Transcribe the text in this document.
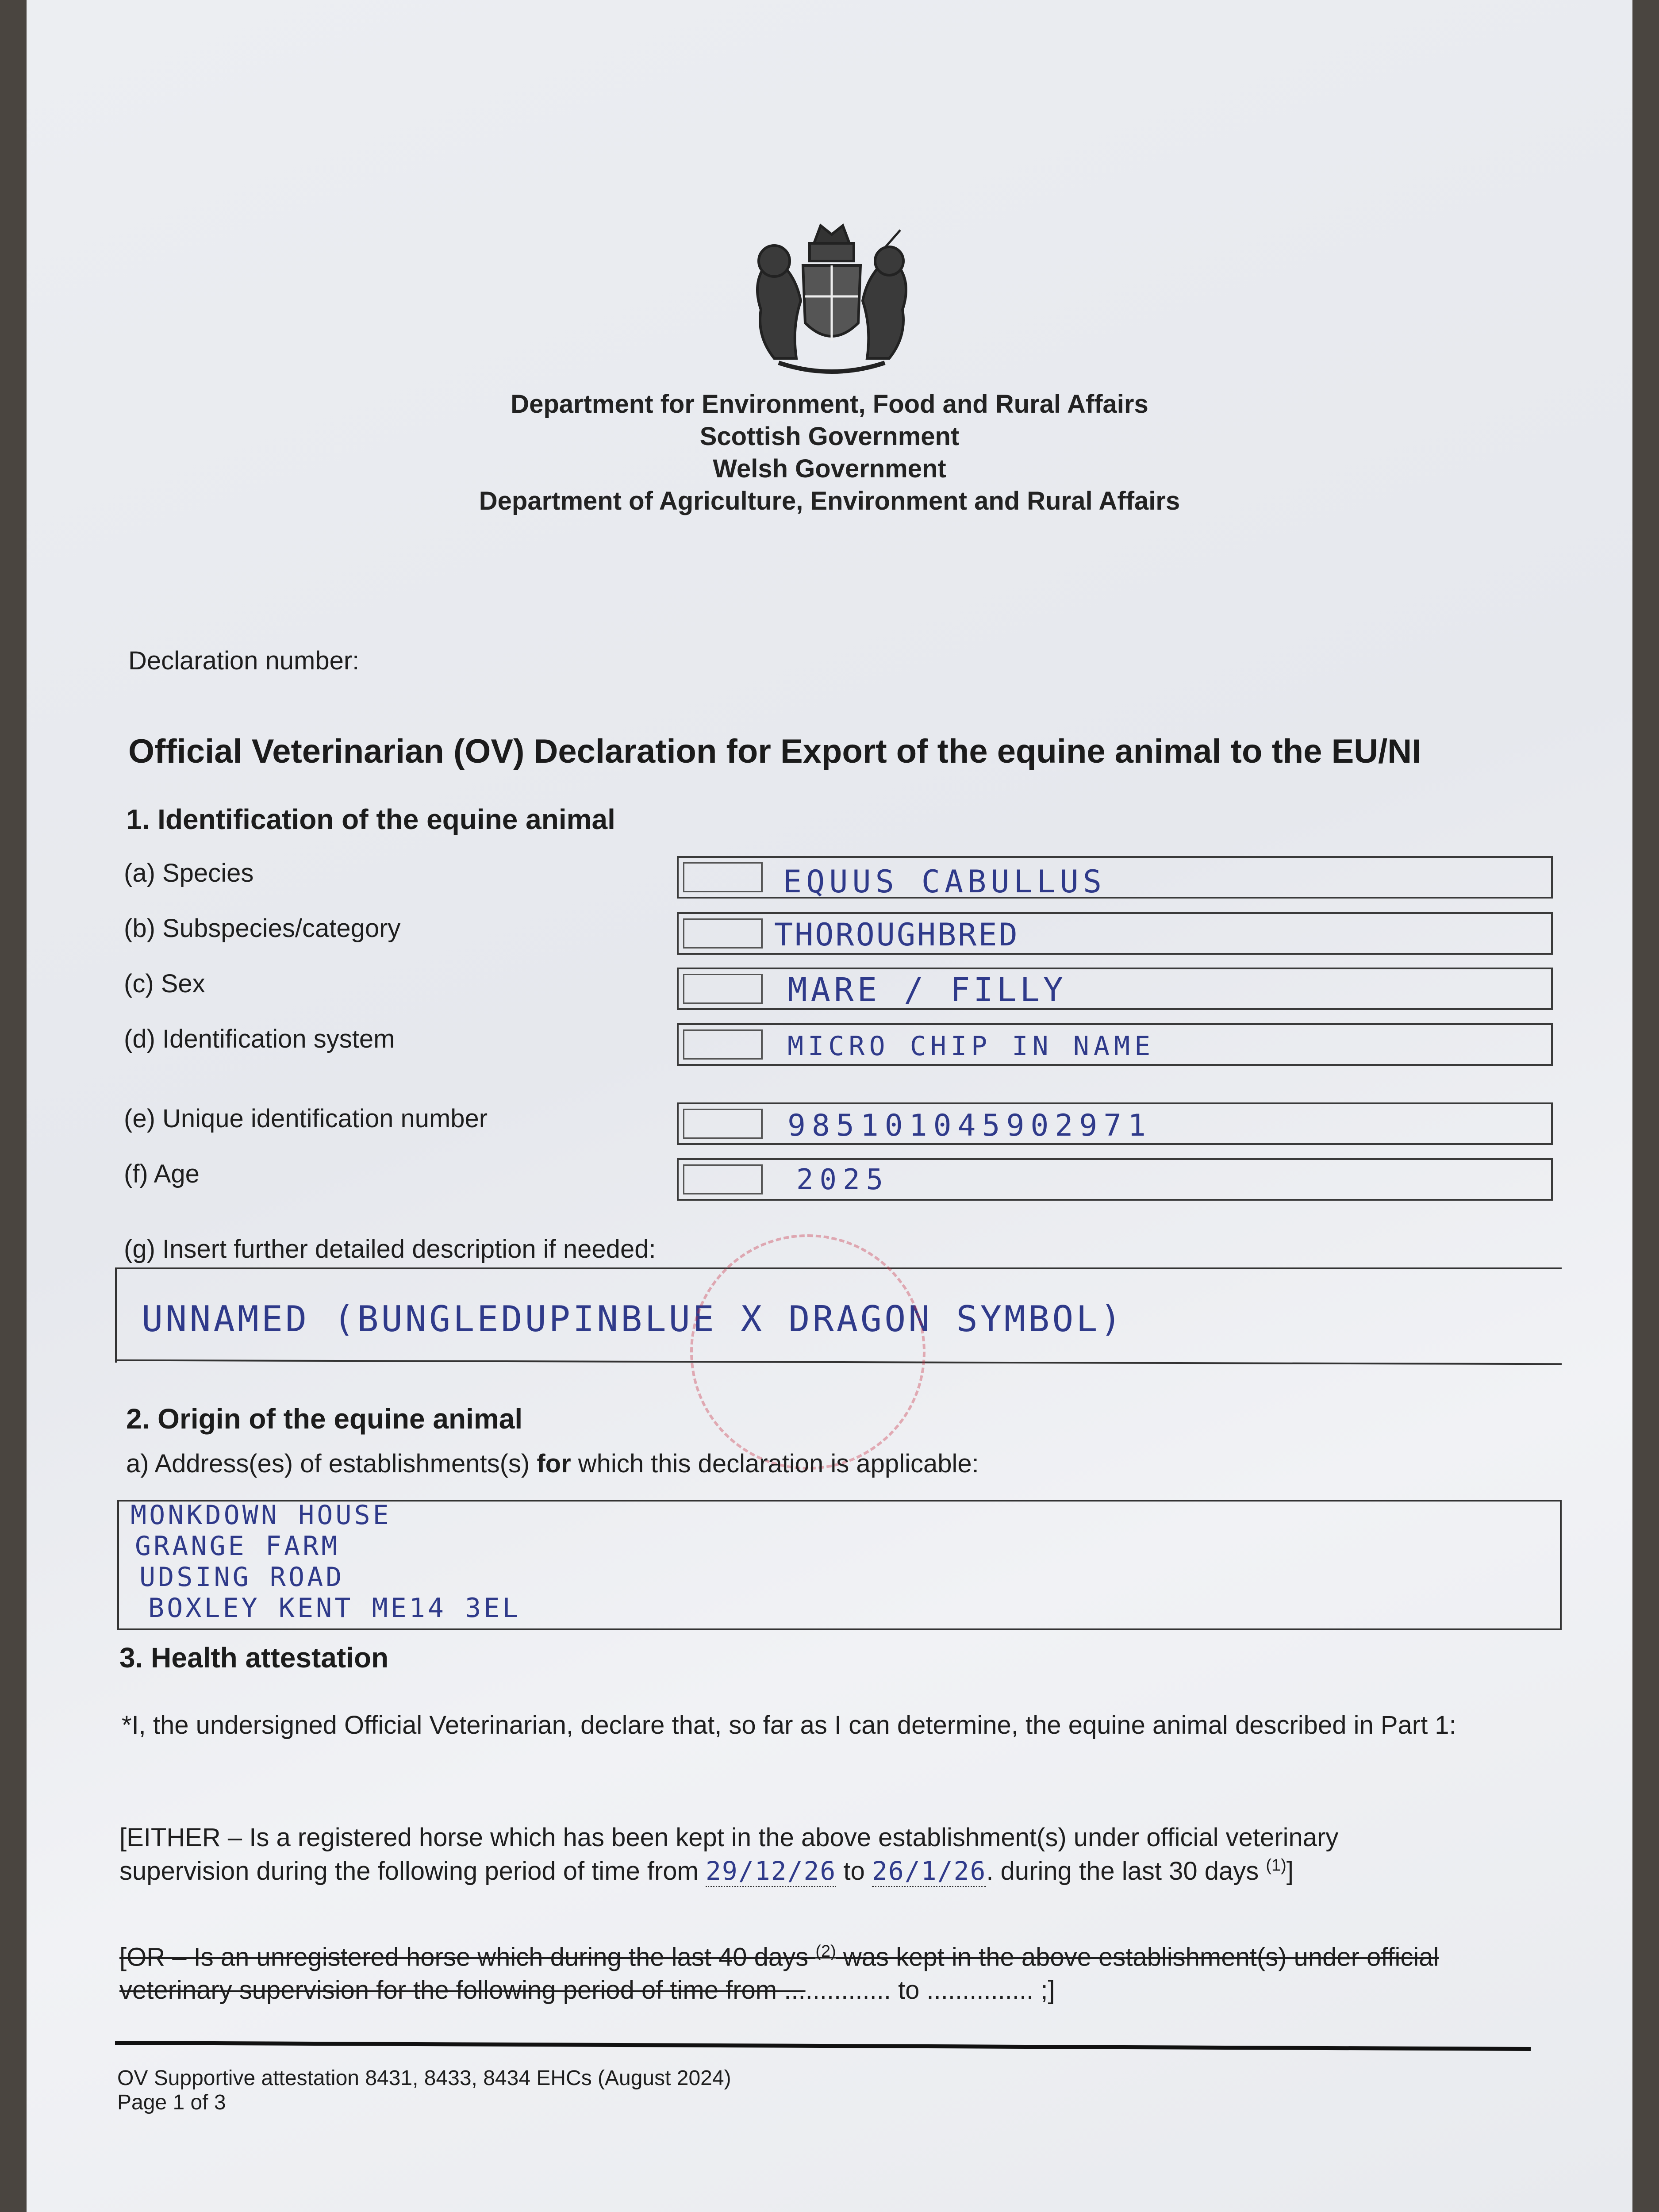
Department for Environment, Food and Rural Affairs
Scottish Government
Welsh Government
Department of Agriculture, Environment and Rural Affairs
Declaration number:
Official Veterinarian (OV) Declaration for Export of the equine animal to the EU/NI
1. Identification of the equine animal
(a) Species	EQUUS CABULLUS
(b) Subspecies/category	THOROUGHBRED
(c) Sex	MARE / FILLY
(d) Identification system	MICRO CHIP IN NAME
(e) Unique identification number	985101045902971
(f) Age	2025
(g) Insert further detailed description if needed:
UNNAMED (BUNGLEDUPINBLUE X DRAGON SYMBOL)
2. Origin of the equine animal
a) Address(es) of establishments(s) for which this declaration is applicable:
MONKDOWN HOUSE
GRANGE FARM
UDSING ROAD
BOXLEY KENT ME14 3EL
3. Health attestation
*I, the undersigned Official Veterinarian, declare that, so far as I can determine, the equine animal described in Part 1:
[EITHER – Is a registered horse which has been kept in the above establishment(s) under official veterinary
supervision during the following period of time from 29/12/26 to 26/1/26. during the last 30 days $^{(1)}$]
[OR – Is an unregistered horse which during the last 40 days $^{(2)}$ was kept in the above establishment(s) under official
veterinary supervision for the following period of time from ............... to ............... ;]
OV Supportive attestation 8431, 8433, 8434 EHCs (August 2024)
Page 1 of 3
